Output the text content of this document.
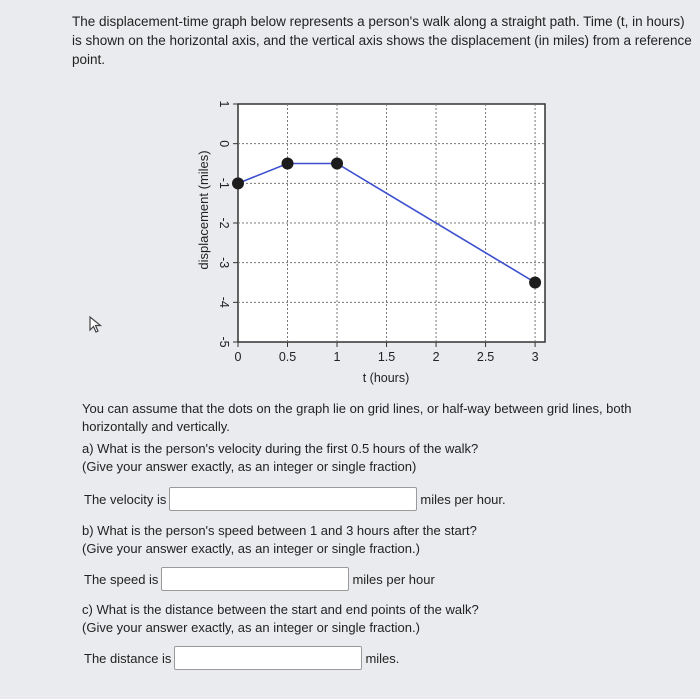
The displacement-time graph below represents a person's walk along a straight path. Time (t, in hours) is shown on the horizontal axis, and the vertical axis shows the displacement (in miles) from a reference point.
displacement (miles)
0	0.5	1	1.5	2	2.5	3
1
0
-1
-2
-3
-4
-5
t (hours)
You can assume that the dots on the graph lie on grid lines, or half-way between grid lines, both horizontally and vertically.
a) What is the person's velocity during the first 0.5 hours of the walk?
(Give your answer exactly, as an integer or single fraction)
The velocity is	miles per hour.
b) What is the person's speed between 1 and 3 hours after the start?
(Give your answer exactly, as an integer or single fraction.)
The speed is	miles per hour
c) What is the distance between the start and end points of the walk?
(Give your answer exactly, as an integer or single fraction.)
The distance is	miles.
